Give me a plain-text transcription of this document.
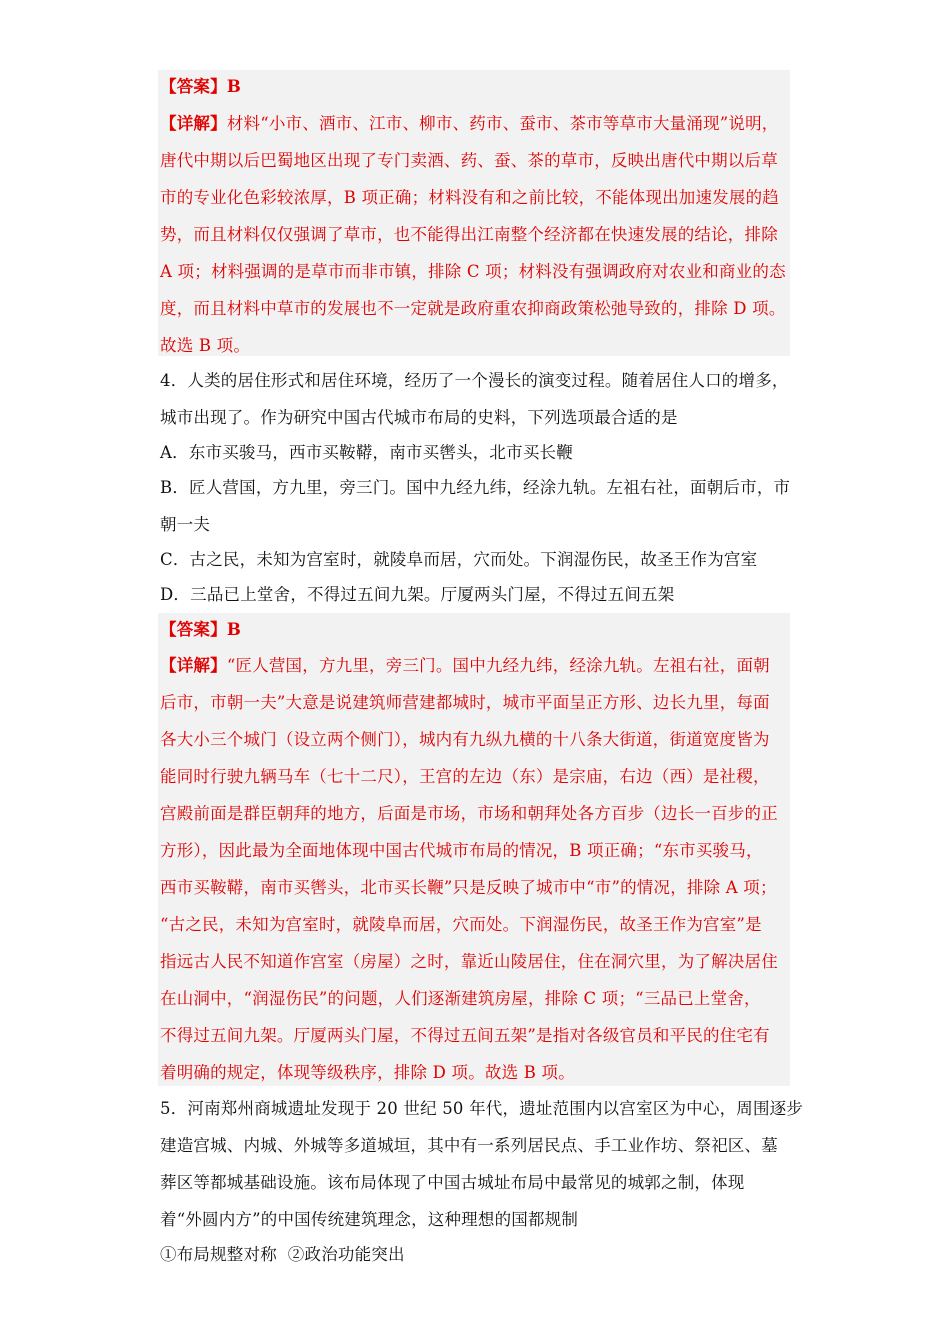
【答案】B
【详解】材料“小市、酒市、江市、柳市、药市、蚕市、茶市等草市大量涌现”说明，
唐代中期以后巴蜀地区出现了专门卖酒、药、蚕、茶的草市，反映出唐代中期以后草
市的专业化色彩较浓厚，B 项正确；材料没有和之前比较，不能体现出加速发展的趋
势，而且材料仅仅强调了草市，也不能得出江南整个经济都在快速发展的结论，排除
A 项；材料强调的是草市而非市镇，排除 C 项；材料没有强调政府对农业和商业的态
度，而且材料中草市的发展也不一定就是政府重农抑商政策松弛导致的，排除 D 项。
故选 B 项。
4．人类的居住形式和居住环境，经历了一个漫长的演变过程。随着居住人口的增多，
城市出现了。作为研究中国古代城市布局的史料，下列选项最合适的是
A．东市买骏马，西市买鞍鞯，南市买辔头，北市买长鞭
B．匠人营国，方九里，旁三门。国中九经九纬，经涂九轨。左祖右社，面朝后市，市
朝一夫
C．古之民，未知为宫室时，就陵阜而居，穴而处。下润湿伤民，故圣王作为宫室
D．三品已上堂舍，不得过五间九架。厅厦两头门屋，不得过五间五架
【答案】B
【详解】“匠人营国，方九里，旁三门。国中九经九纬，经涂九轨。左祖右社，面朝
后市，市朝一夫”大意是说建筑师营建都城时，城市平面呈正方形、边长九里，每面
各大小三个城门（设立两个侧门），城内有九纵九横的十八条大街道，街道宽度皆为
能同时行驶九辆马车（七十二尺），王宫的左边（东）是宗庙，右边（西）是社稷，
宫殿前面是群臣朝拜的地方，后面是市场，市场和朝拜处各方百步（边长一百步的正
方形），因此最为全面地体现中国古代城市布局的情况，B 项正确；“东市买骏马，
西市买鞍鞯，南市买辔头，北市买长鞭”只是反映了城市中“市”的情况，排除 A 项；
“古之民，未知为宫室时，就陵阜而居，穴而处。下润湿伤民，故圣王作为宫室”是
指远古人民不知道作宫室（房屋）之时，靠近山陵居住，住在洞穴里，为了解决居住
在山洞中，“润湿伤民”的问题，人们逐渐建筑房屋，排除 C 项；“三品已上堂舍，
不得过五间九架。厅厦两头门屋，不得过五间五架”是指对各级官员和平民的住宅有
着明确的规定，体现等级秩序，排除 D 项。故选 B 项。
5．河南郑州商城遗址发现于 20 世纪 50 年代，遗址范围内以宫室区为中心，周围逐步
建造宫城、内城、外城等多道城垣，其中有一系列居民点、手工业作坊、祭祀区、墓
葬区等都城基础设施。该布局体现了中国古城址布局中最常见的城郭之制，体现
着“外圆内方”的中国传统建筑理念，这种理想的国都规制
①布局规整对称  ②政治功能突出
